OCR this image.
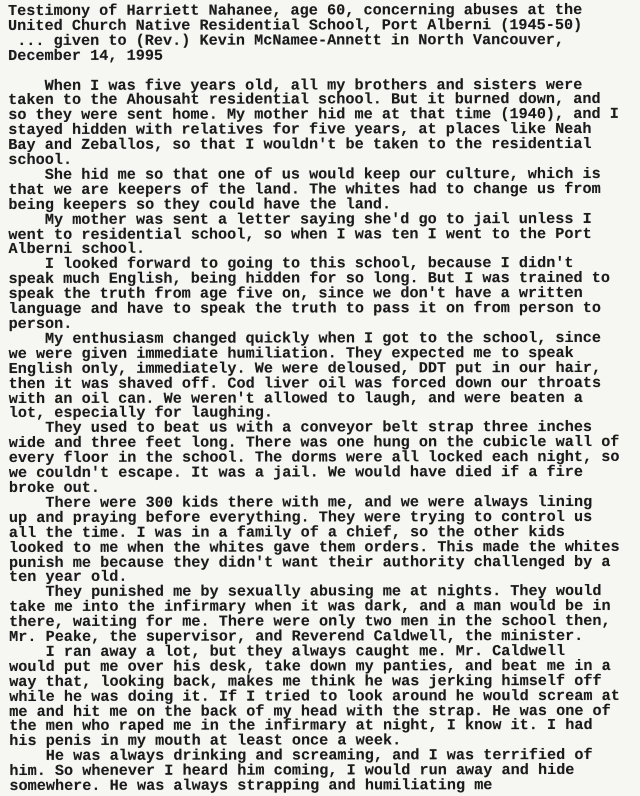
Testimony of Harriett Nahanee, age 60, concerning abuses at the
United Church Native Residential School, Port Alberni (1945-50)
... given to (Rev.) Kevin McNamee-Annett in North Vancouver,
December 14, 1995

When I was five years old, all my brothers and sisters were
taken to the Ahousaht residential school. But it burned down, and
so they were sent home. My mother hid me at that time (1940), and I
stayed hidden with relatives for five years, at places like Neah
Bay and Zeballos, so that I wouldn't be taken to the residential
school.

She hid me so that one of us would keep our culture, which is
that we are keepers of the land. The whites had to change us from
being keepers so they could have the land.

My mother was sent a letter saying she'd go to jail unless I
went to residential school, so when I was ten I went to the Port
Alberni school.

I looked forward to going to this school, because I didn't
speak much English, being hidden for so long. But I was trained to
speak the truth from age five on, since we don't have a written
language and have to speak the truth to pass it on from person to
person.

My enthusiasm changed quickly when I got to the school, since
we were given immediate humiliation. They expected me to speak
English only, immediately. We were deloused, DDT put in our hair,
then it was shaved off. Cod liver oil was forced down our throats
with an oil can. We weren't allowed to laugh, and were beaten a
lot, especially for laughing.

They used to beat us with a conveyor belt strap three inches
wide and three feet long. There was one hung on the cubicle wall of
every floor in the school. The dorms were all locked each night, so
we couldn't escape. It was a jail. We would have died if a fire
broke out.

There were 300 kids there with me, and we were always lining
up and praying before everything. They were trying to control us
all the time. I was in a family of a chief, so the other kids
looked to me when the whites gave them orders. This made the whites
punish me because they didn't want their authority challenged by a
ten year old.

They punished me by sexually abusing me at nights. They would
take me into the infirmary when it was dark, and a man would be in
there, waiting for me. There were only two men in the school then,
Mr. Peake, the supervisor, and Reverend Caldwell, the minister.

I ran away a lot, but they always caught me. Mr. Caldwell
would put me over his desk, take down my panties, and beat me in a
way that, looking back, makes me think he was jerking himself off
while he was doing it. If I tried to look around he would scream at
me and hit me on the back of my head with the strap. He was one of
the men who raped me in the infirmary at night, I know it. I had
his penis in my mouth at least once a week.

He was always drinking and screaming, and I was terrified of
him. So whenever I heard him coming, I would run away and hide
somewhere. He was always strapping and humiliating me
